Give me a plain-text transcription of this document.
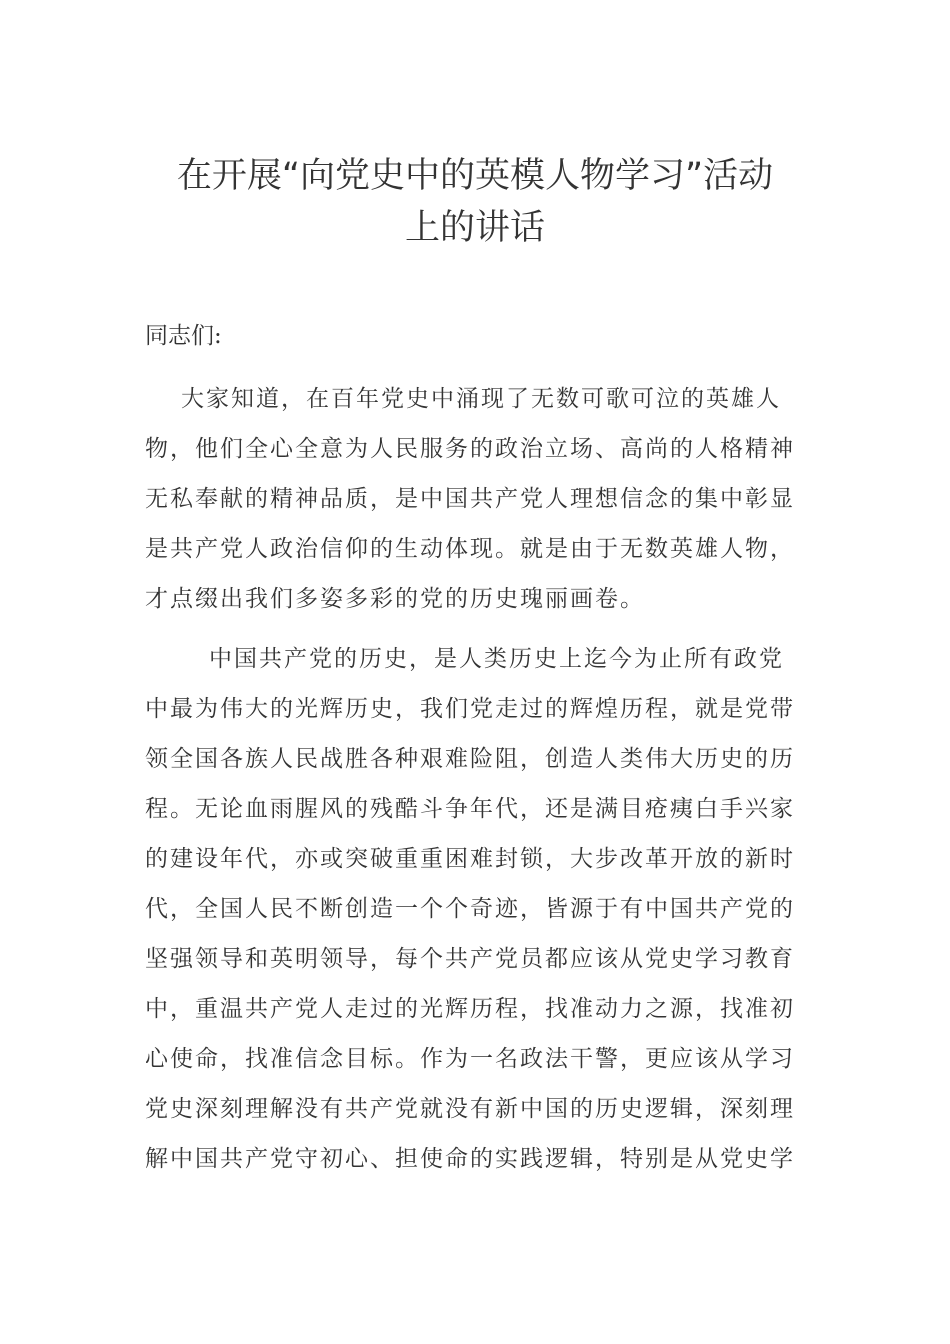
在开展“向党史中的英模人物学习”活动
上的讲话
同志们:
大家知道，在百年党史中涌现了无数可歌可泣的英雄人
物，他们全心全意为人民服务的政治立场、高尚的人格精神
无私奉献的精神品质，是中国共产党人理想信念的集中彰显
是共产党人政治信仰的生动体现。就是由于无数英雄人物，
才点缀出我们多姿多彩的党的历史瑰丽画卷。
中国共产党的历史，是人类历史上迄今为止所有政党
中最为伟大的光辉历史，我们党走过的辉煌历程，就是党带
领全国各族人民战胜各种艰难险阻，创造人类伟大历史的历
程。无论血雨腥风的残酷斗争年代，还是满目疮痍白手兴家
的建设年代，亦或突破重重困难封锁，大步改革开放的新时
代，全国人民不断创造一个个奇迹，皆源于有中国共产党的
坚强领导和英明领导，每个共产党员都应该从党史学习教育
中，重温共产党人走过的光辉历程，找准动力之源，找准初
心使命，找准信念目标。作为一名政法干警，更应该从学习
党史深刻理解没有共产党就没有新中国的历史逻辑，深刻理
解中国共产党守初心、担使命的实践逻辑，特别是从党史学
